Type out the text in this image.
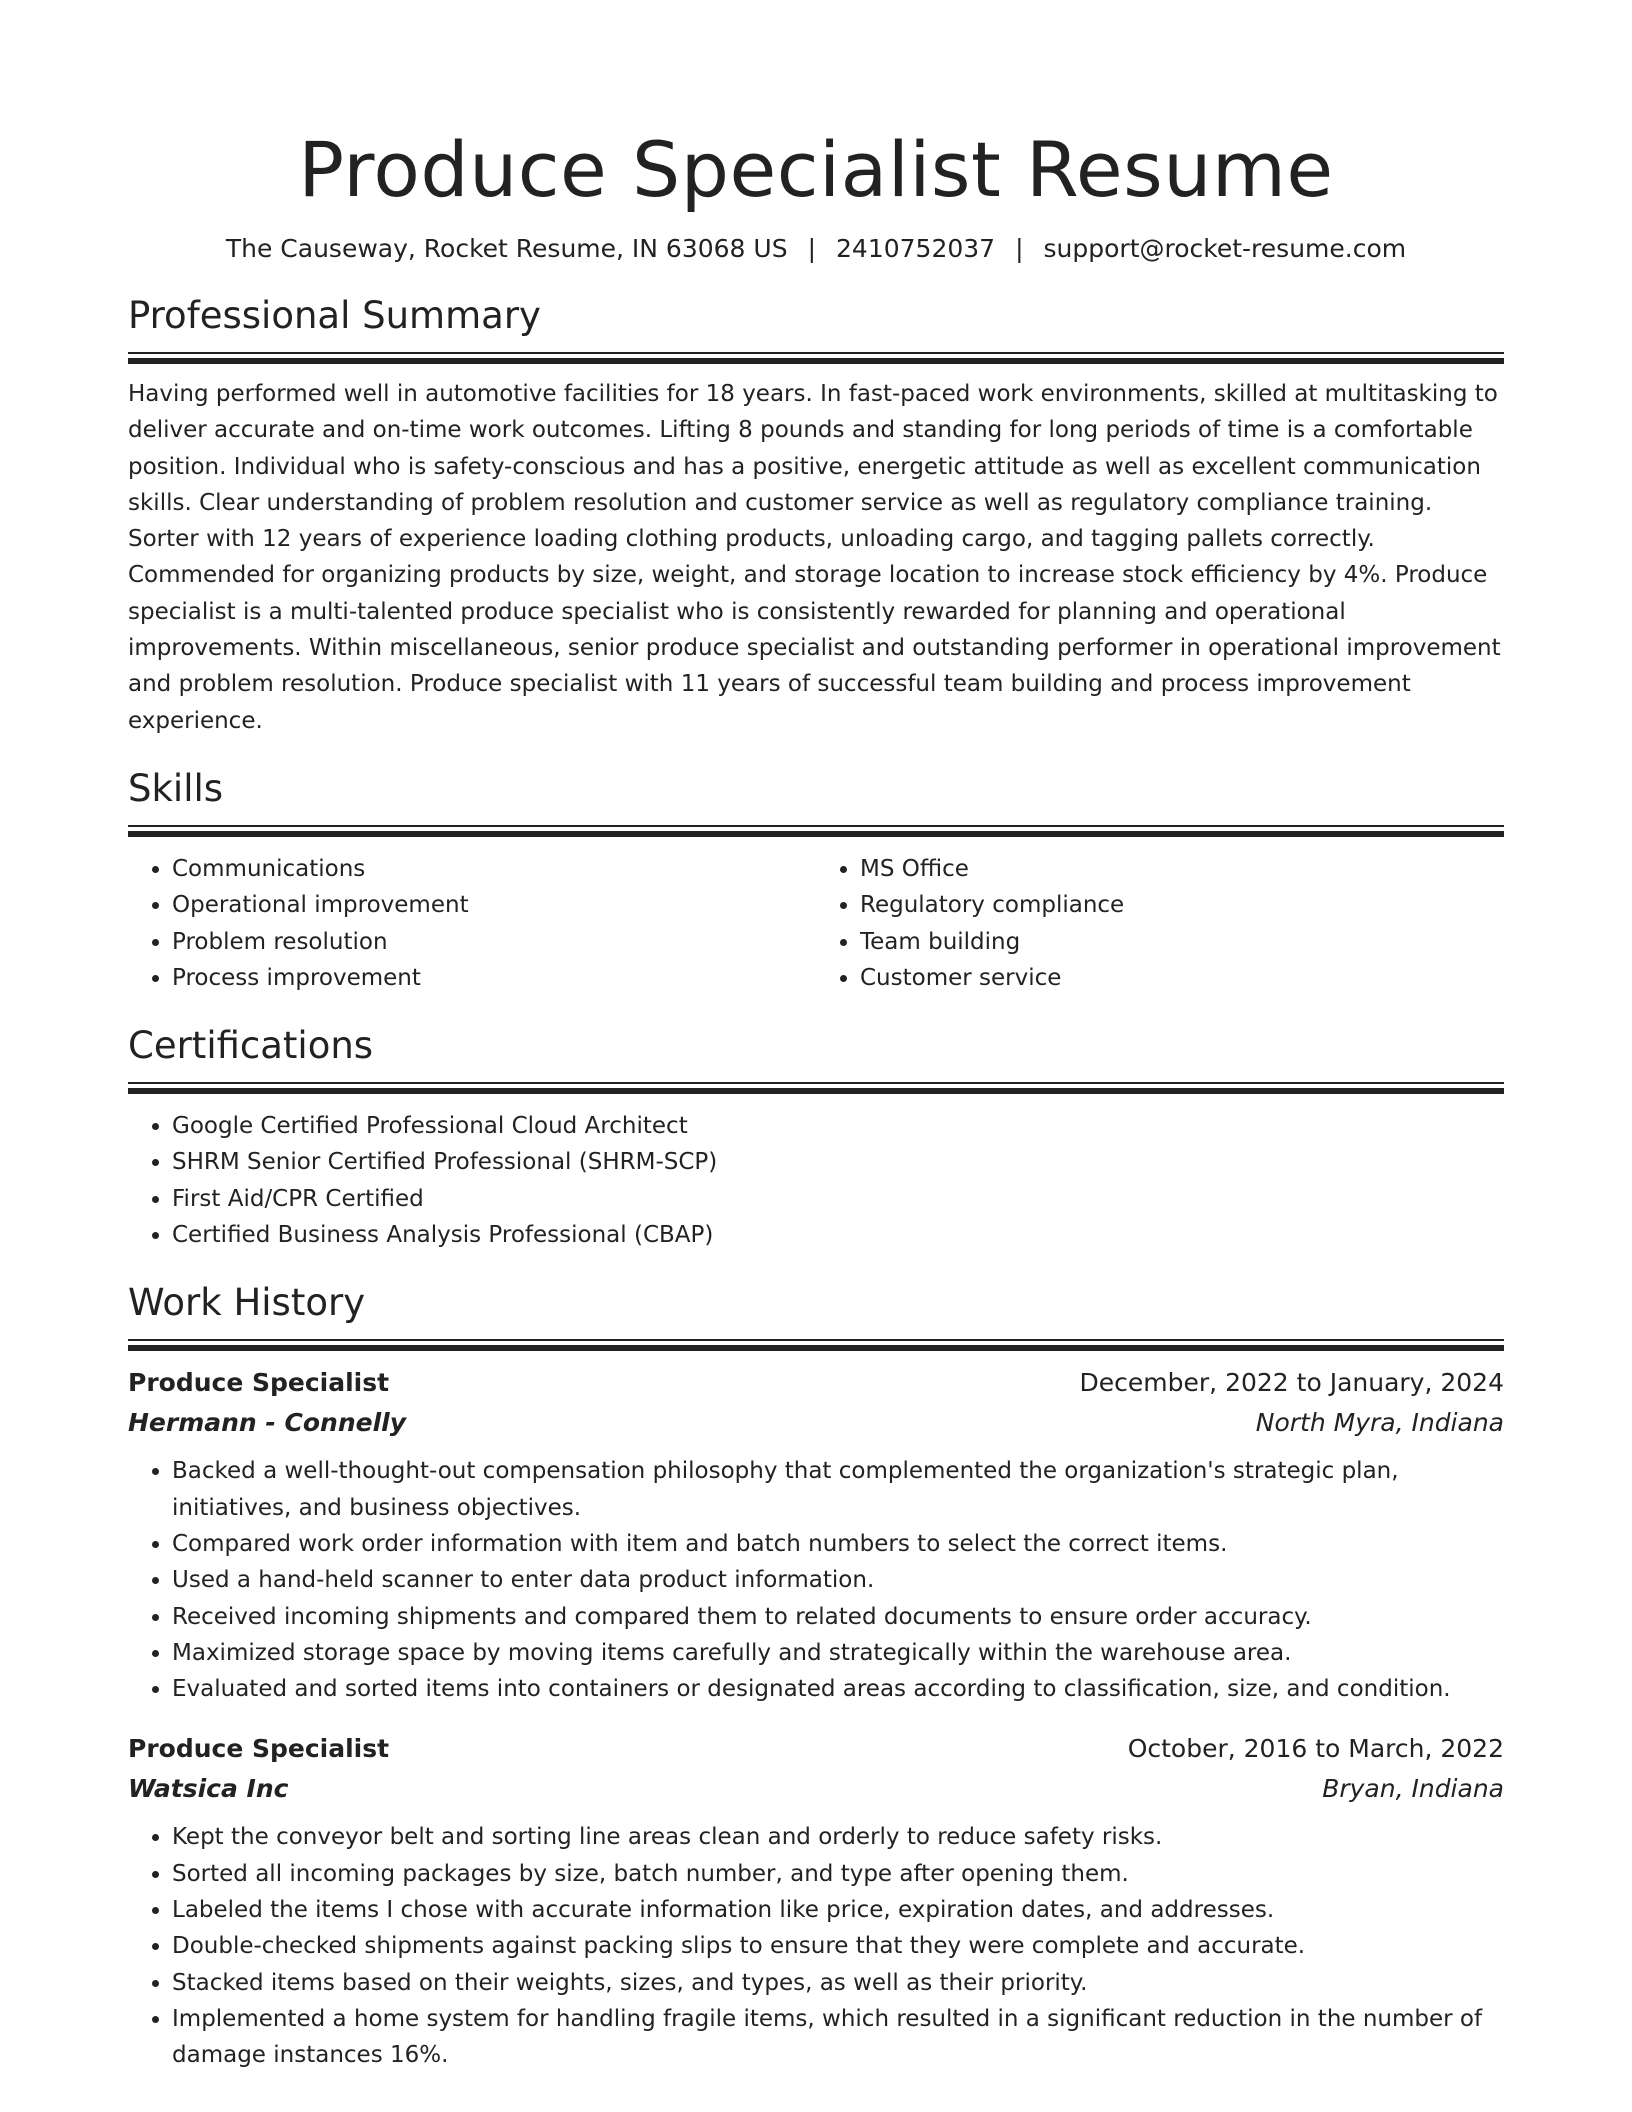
Produce Specialist Resume
The Causeway, Rocket Resume, IN 63068 US | 2410752037 | support@rocket-resume.com
Professional Summary

Having performed well in automotive facilities for 18 years. In fast-paced work environments, skilled at multitasking to deliver accurate and on-time work outcomes. Lifting 8 pounds and standing for long periods of time is a comfortable position. Individual who is safety-conscious and has a positive, energetic attitude as well as excellent communication skills. Clear understanding of problem resolution and customer service as well as regulatory compliance training. Sorter with 12 years of experience loading clothing products, unloading cargo, and tagging pallets correctly. Commended for organizing products by size, weight, and storage location to increase stock efficiency by 4%. Produce specialist is a multi-talented produce specialist who is consistently rewarded for planning and operational improvements. Within miscellaneous, senior produce specialist and outstanding performer in operational improvement and problem resolution. Produce specialist with 11 years of successful team building and process improvement experience.

Skills
• Communications
• Operational improvement
• Problem resolution
• Process improvement
• MS Office
• Regulatory compliance
• Team building
• Customer service
Certifications
• Google Certified Professional Cloud Architect
• SHRM Senior Certified Professional (SHRM-SCP)
• First Aid/CPR Certified
• Certified Business Analysis Professional (CBAP)
Work History
Produce Specialist	December, 2022 to January, 2024
Hermann - Connelly	North Myra, Indiana
• Backed a well-thought-out compensation philosophy that complemented the organization's strategic plan, initiatives, and business objectives.
• Compared work order information with item and batch numbers to select the correct items.
• Used a hand-held scanner to enter data product information.
• Received incoming shipments and compared them to related documents to ensure order accuracy.
• Maximized storage space by moving items carefully and strategically within the warehouse area.
• Evaluated and sorted items into containers or designated areas according to classification, size, and condition.
Produce Specialist	October, 2016 to March, 2022
Watsica Inc	Bryan, Indiana
• Kept the conveyor belt and sorting line areas clean and orderly to reduce safety risks.
• Sorted all incoming packages by size, batch number, and type after opening them.
• Labeled the items I chose with accurate information like price, expiration dates, and addresses.
• Double-checked shipments against packing slips to ensure that they were complete and accurate.
• Stacked items based on their weights, sizes, and types, as well as their priority.
• Implemented a home system for handling fragile items, which resulted in a significant reduction in the number of damage instances 16%.
